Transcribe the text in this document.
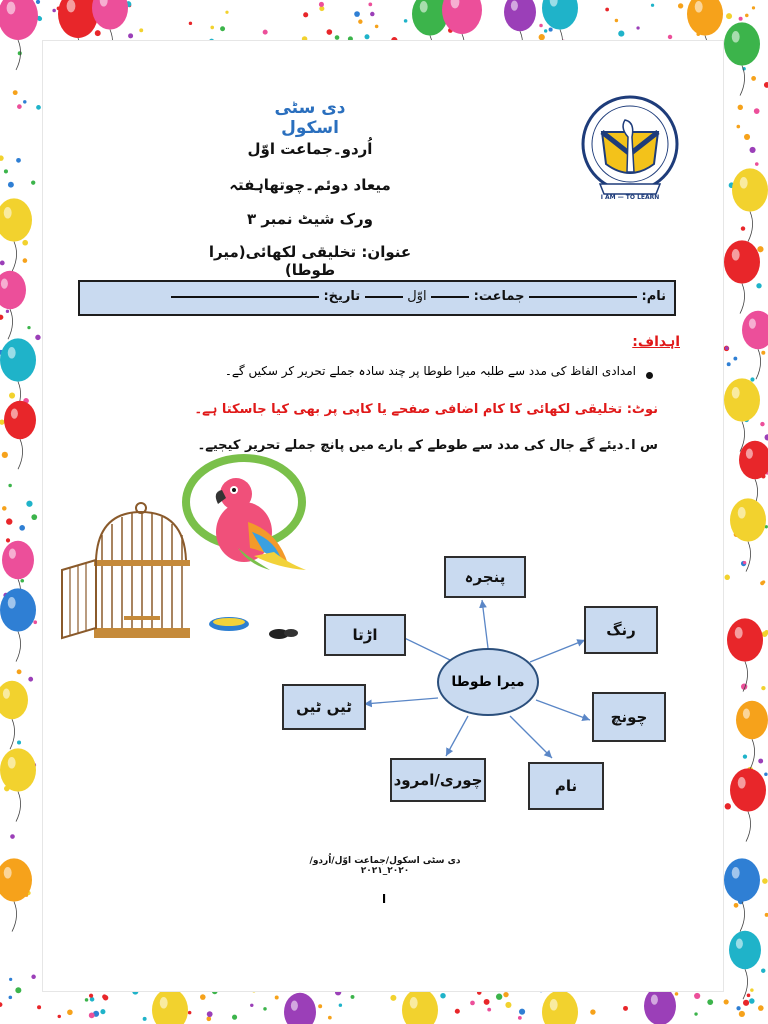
دی سٹی اسکول
اُردو۔جماعت اوّل
میعاد دوئم۔چوتھاہفتہ
ورک شیٹ نمبر ۳
عنوان: تخلیقی لکھائی(میرا طوطا)
I AM — TO LEARN
نام:  جماعت:  اوّل  تاریخ:
اہداف:
امدادی الفاظ کی مدد سے طلبہ میرا طوطا پر چند سادہ جملے تحریر کر سکیں گے۔
نوٹ: تخلیقی لکھائی کا کام اضافی صفحے یا کاپی پر بھی کیا جاسکتا ہے۔
س ا۔دیئے گے جال کی مدد سے طوطے کے بارے میں پانچ جملے تحریر کیجیے۔
پنجرہ
اڑتا	رنگ
ٹیں ٹیں
چونچ
چوری/امرود	نام
میرا طوطا
دی سٹی اسکول/جماعت اوّل/اُردو/۲۰۲۰_۲۰۲۱
ا
